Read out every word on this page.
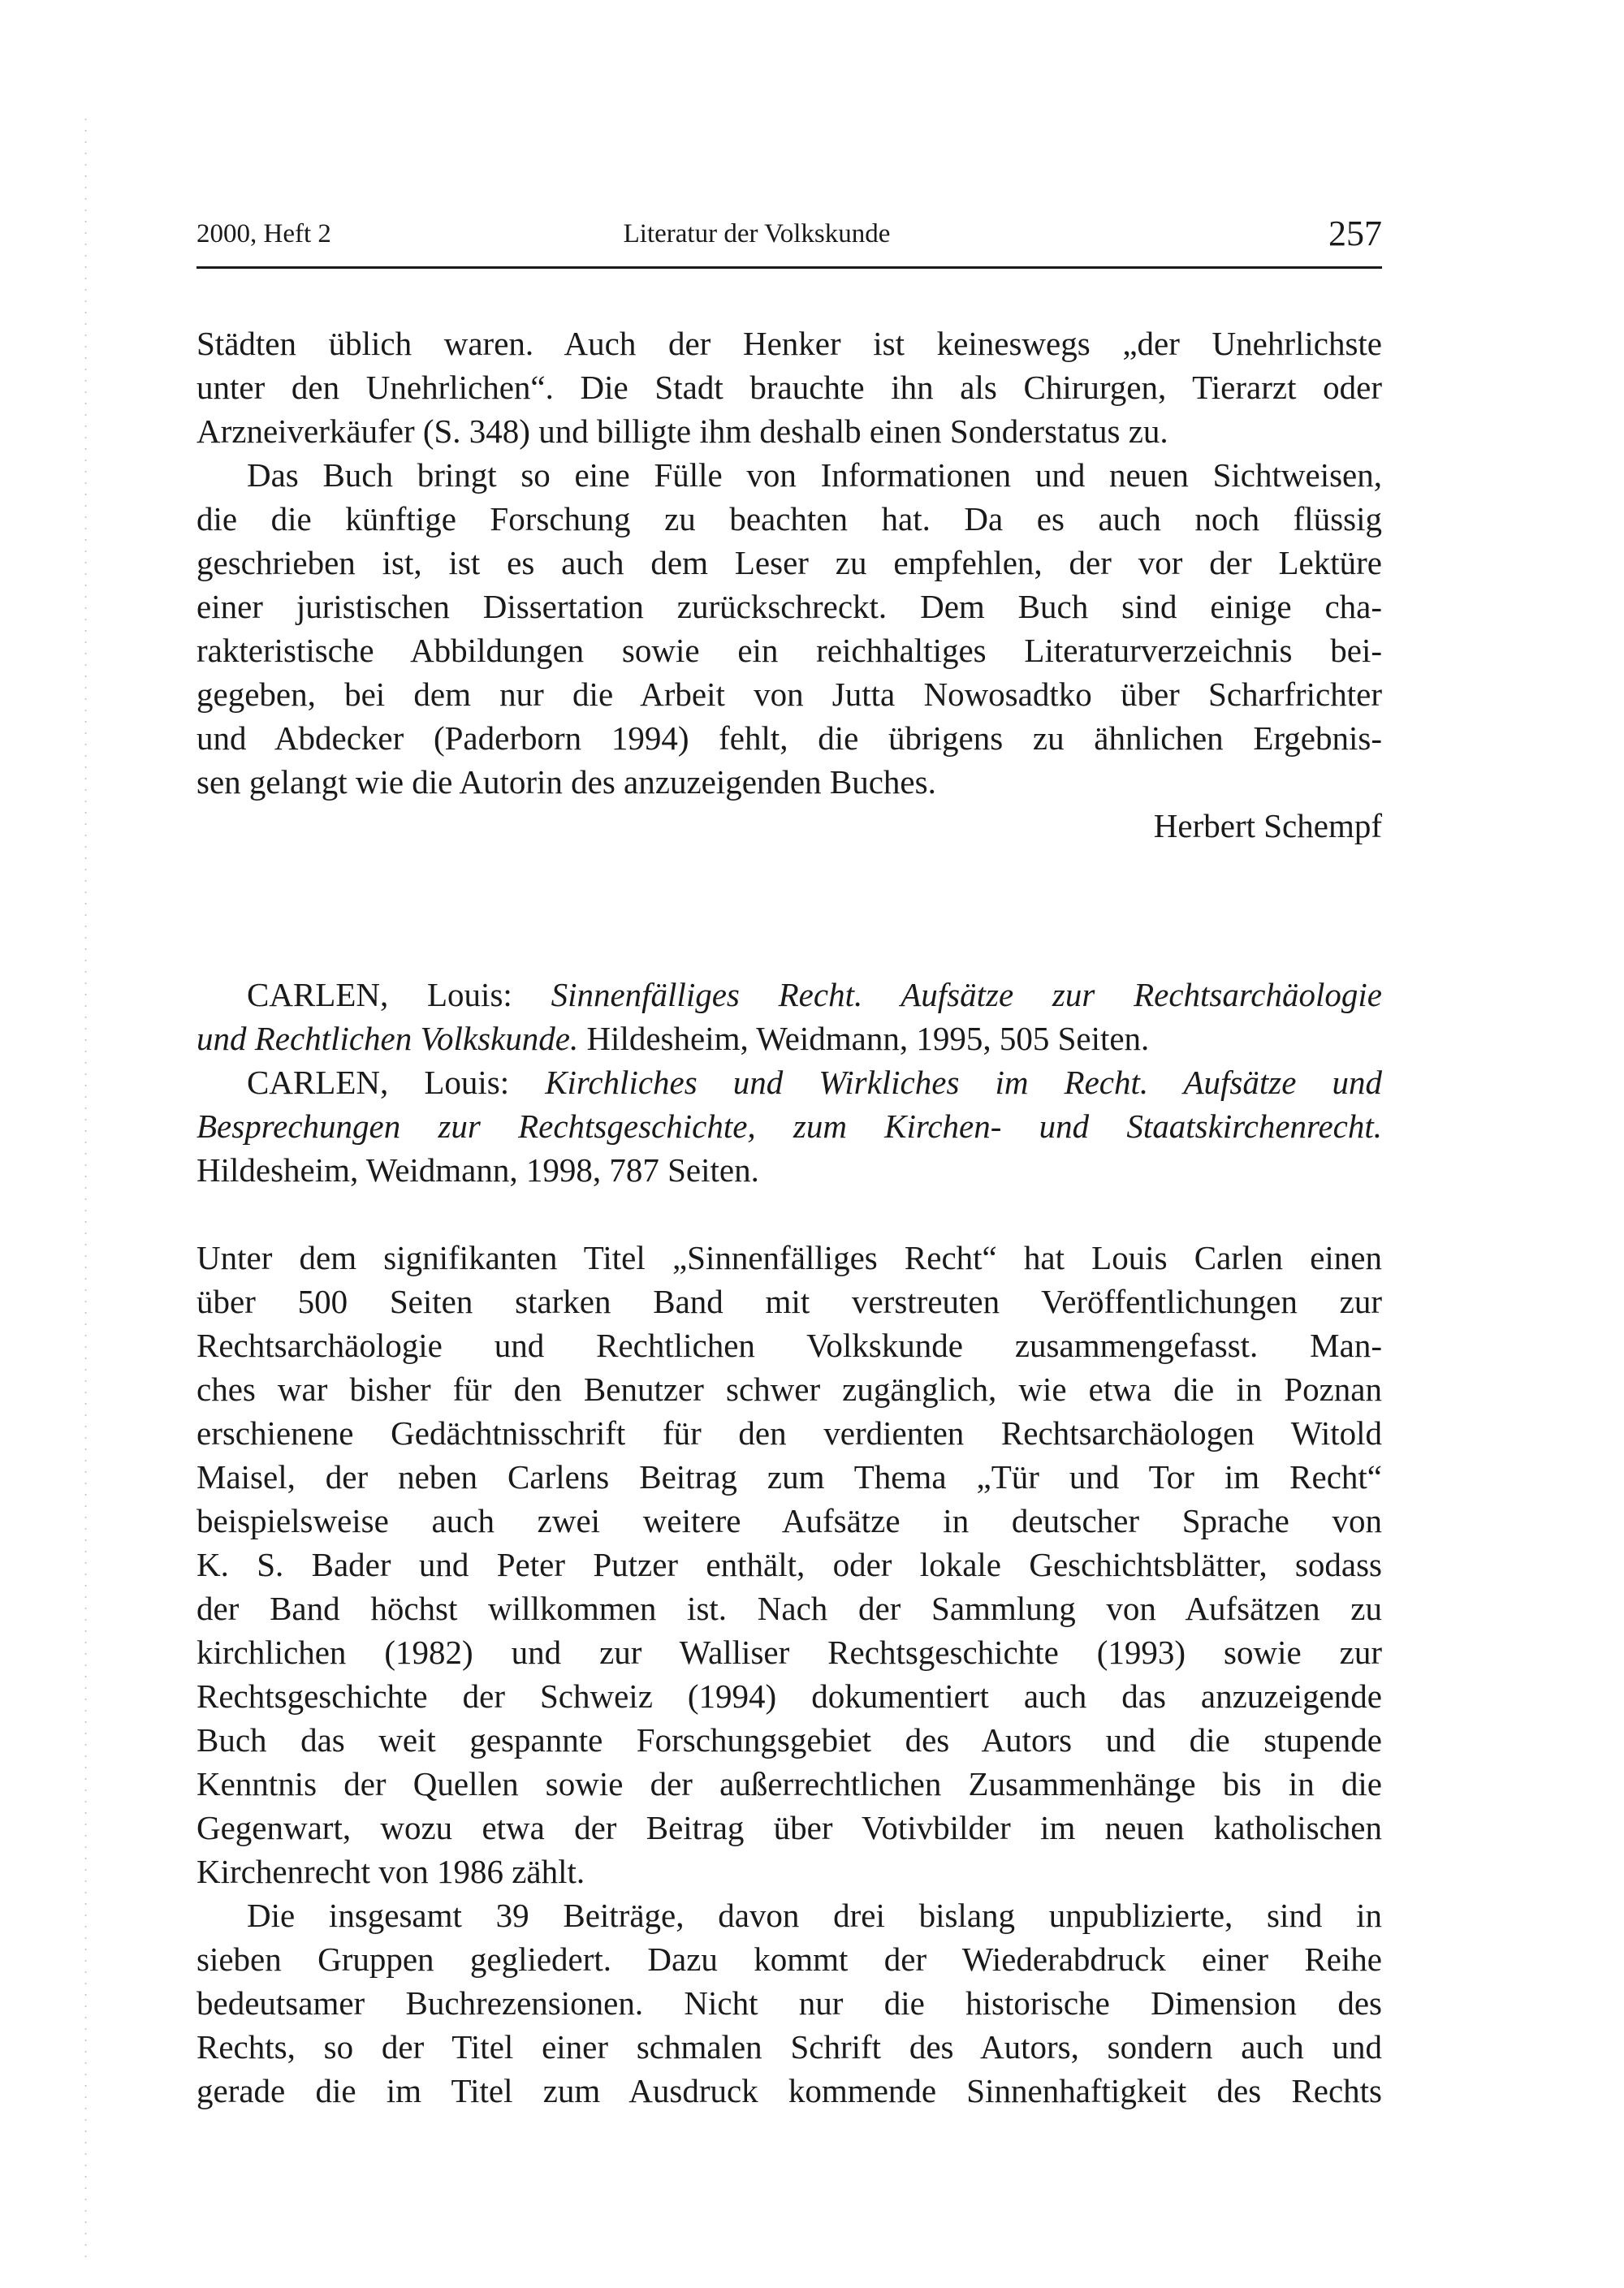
2000, Heft 2	Literatur der Volkskunde	257
Städten üblich waren. Auch der Henker ist keineswegs „der Unehrlichste
unter den Unehrlichen“. Die Stadt brauchte ihn als Chirurgen, Tierarzt oder
Arzneiverkäufer (S. 348) und billigte ihm deshalb einen Sonderstatus zu.
Das Buch bringt so eine Fülle von Informationen und neuen Sichtweisen,
die die künftige Forschung zu beachten hat. Da es auch noch flüssig
geschrieben ist, ist es auch dem Leser zu empfehlen, der vor der Lektüre
einer juristischen Dissertation zurückschreckt. Dem Buch sind einige cha-
rakteristische Abbildungen sowie ein reichhaltiges Literaturverzeichnis bei-
gegeben, bei dem nur die Arbeit von Jutta Nowosadtko über Scharfrichter
und Abdecker (Paderborn 1994) fehlt, die übrigens zu ähnlichen Ergebnis-
sen gelangt wie die Autorin des anzuzeigenden Buches.
Herbert Schempf
CARLEN, Louis: Sinnenfälliges Recht. Aufsätze zur Rechtsarchäologie
und Rechtlichen Volkskunde. Hildesheim, Weidmann, 1995, 505 Seiten.
CARLEN, Louis: Kirchliches und Wirkliches im Recht. Aufsätze und
Besprechungen zur Rechtsgeschichte, zum Kirchen- und Staatskirchenrecht.
Hildesheim, Weidmann, 1998, 787 Seiten.
Unter dem signifikanten Titel „Sinnenfälliges Recht“ hat Louis Carlen einen
über 500 Seiten starken Band mit verstreuten Veröffentlichungen zur
Rechtsarchäologie und Rechtlichen Volkskunde zusammengefasst. Man-
ches war bisher für den Benutzer schwer zugänglich, wie etwa die in Poznan
erschienene Gedächtnisschrift für den verdienten Rechtsarchäologen Witold
Maisel, der neben Carlens Beitrag zum Thema „Tür und Tor im Recht“
beispielsweise auch zwei weitere Aufsätze in deutscher Sprache von
K. S. Bader und Peter Putzer enthält, oder lokale Geschichtsblätter, sodass
der Band höchst willkommen ist. Nach der Sammlung von Aufsätzen zu
kirchlichen (1982) und zur Walliser Rechtsgeschichte (1993) sowie zur
Rechtsgeschichte der Schweiz (1994) dokumentiert auch das anzuzeigende
Buch das weit gespannte Forschungsgebiet des Autors und die stupende
Kenntnis der Quellen sowie der außerrechtlichen Zusammenhänge bis in die
Gegenwart, wozu etwa der Beitrag über Votivbilder im neuen katholischen
Kirchenrecht von 1986 zählt.
Die insgesamt 39 Beiträge, davon drei bislang unpublizierte, sind in
sieben Gruppen gegliedert. Dazu kommt der Wiederabdruck einer Reihe
bedeutsamer Buchrezensionen. Nicht nur die historische Dimension des
Rechts, so der Titel einer schmalen Schrift des Autors, sondern auch und
gerade die im Titel zum Ausdruck kommende Sinnenhaftigkeit des Rechts
